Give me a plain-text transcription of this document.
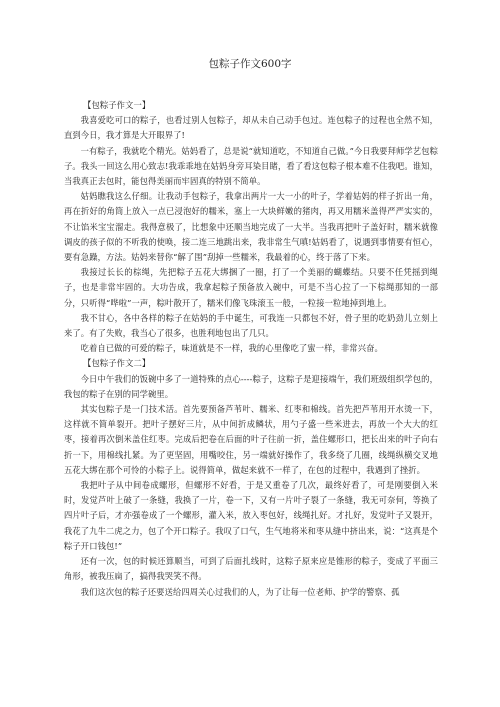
包粽子作文600字

【包粽子作文一】

我喜爱吃可口的粽子，也看过别人包粽子，却从未自己动手包过。连包粽子的过程也全然不知，直到今日，我才算是大开眼界了!

一有粽子，我就吃个精光。姑妈看了，总是说“就知道吃，不知道自己做。”今日我要拜师学艺包粽子。我头一回这么用心致志!我乖乖地在姑妈身旁耳染目睹，看了看这包粽子根本难不住我吧。谁知，当我真正去包时，能包得美丽而牢固真的特别不简单。

姑妈瞧我这么仔细。让我动手包粽子，我拿出两片一大一小的叶子，学着姑妈的样子折出一角，再在折好的角筒上放入一点已浸泡好的糯米，塞上一大块鲜嫩的猪肉，再又用糯米盖得严严实实的，不让馅米宝宝溜走。我得意极了，比想象中还顺当地完成了一大半。当我再把叶子盖好时，糯米就像调皮的孩子似的不听我的使唤，接二连三地跳出来，我非常生气嗔!姑妈看了，说遇到事情要有恒心，要有急躁，方法。姑妈来替你“解了围”刮掉一些糯米，我最着的心，终于落了下来。

我接过长长的棕绳，先把粽子五花大绑捆了一圈，打了一个美丽的蝴蝶结。只要不任凭摇到绳子，也是非常牢固的。大功告成，我拿起粽子预备放入碗中，可是不当心拉了一下棕绳那知的一部分，只听得“哗啦”一声，粽叶散开了，糯米们像飞珠滚玉一般，一粒接一粒地掉到地上。

我不甘心，各中各样的粽子在姑妈的手中诞生，可我连一只都包不好，骨子里的吃奶劲儿立刻上来了。有了失败，我当心了很多，也胜利地包出了几只。

吃着自已做的可爱的粽子，味道就是不一样，我的心里像吃了蜜一样，非常兴奋。

【包粽子作文二】

今日中午我们的饭碗中多了一道特殊的点心----粽子，这粽子是迎接端午，我们班级组织学包的，我包的粽子在别的同学碗里。

其实包粽子是一门技术活。首先要预备芦苇叶、糯米、红枣和棉线。首先把芦苇用开水烫一下，这样就不简单裂开。把叶子摆好三片，从中间折成鳞状，用勺子盛一些米进去，再放一个大大的红枣，接着再次倒米盖住红枣。完成后把卷在后面的叶子往前一折，盖住螺形口，把长出来的叶子向右折一下，用棉线扎紧。为了更坚固，用嘴咬住，另一端就好操作了，我多绕了几圈，线绳纵横交叉地五花大绑在那个可怜的小粽子上。说得简单，做起来就不一样了，在包的过程中，我遇到了挫折。

我把叶子从中间卷成螺形，但螺形不好看，于是又重卷了几次，最终好看了，可是刚要倒入米时，发觉芦叶上破了一条缝，我换了一片，卷一下，又有一片叶子裂了一条缝，我无可奈何，等换了四片叶子后，才亦强卷成了一个螺形，灌入米，放入枣包好，线绳扎好。才扎好，发觉叶子又裂开，我花了九牛二虎之力，包了个开口粽子。我叹了口气，生气地将米和枣从缝中挤出来，说：“这真是个粽子开口钱包!”

还有一次，包的时候还算顺当，可到了后面扎线时，这粽子原来应是锥形的粽子，变成了平面三角形，被我压扁了，搞得我哭笑不得。

我们这次包的粽子还要送给四周关心过我们的人，为了让每一位老师、护学的警察、孤
